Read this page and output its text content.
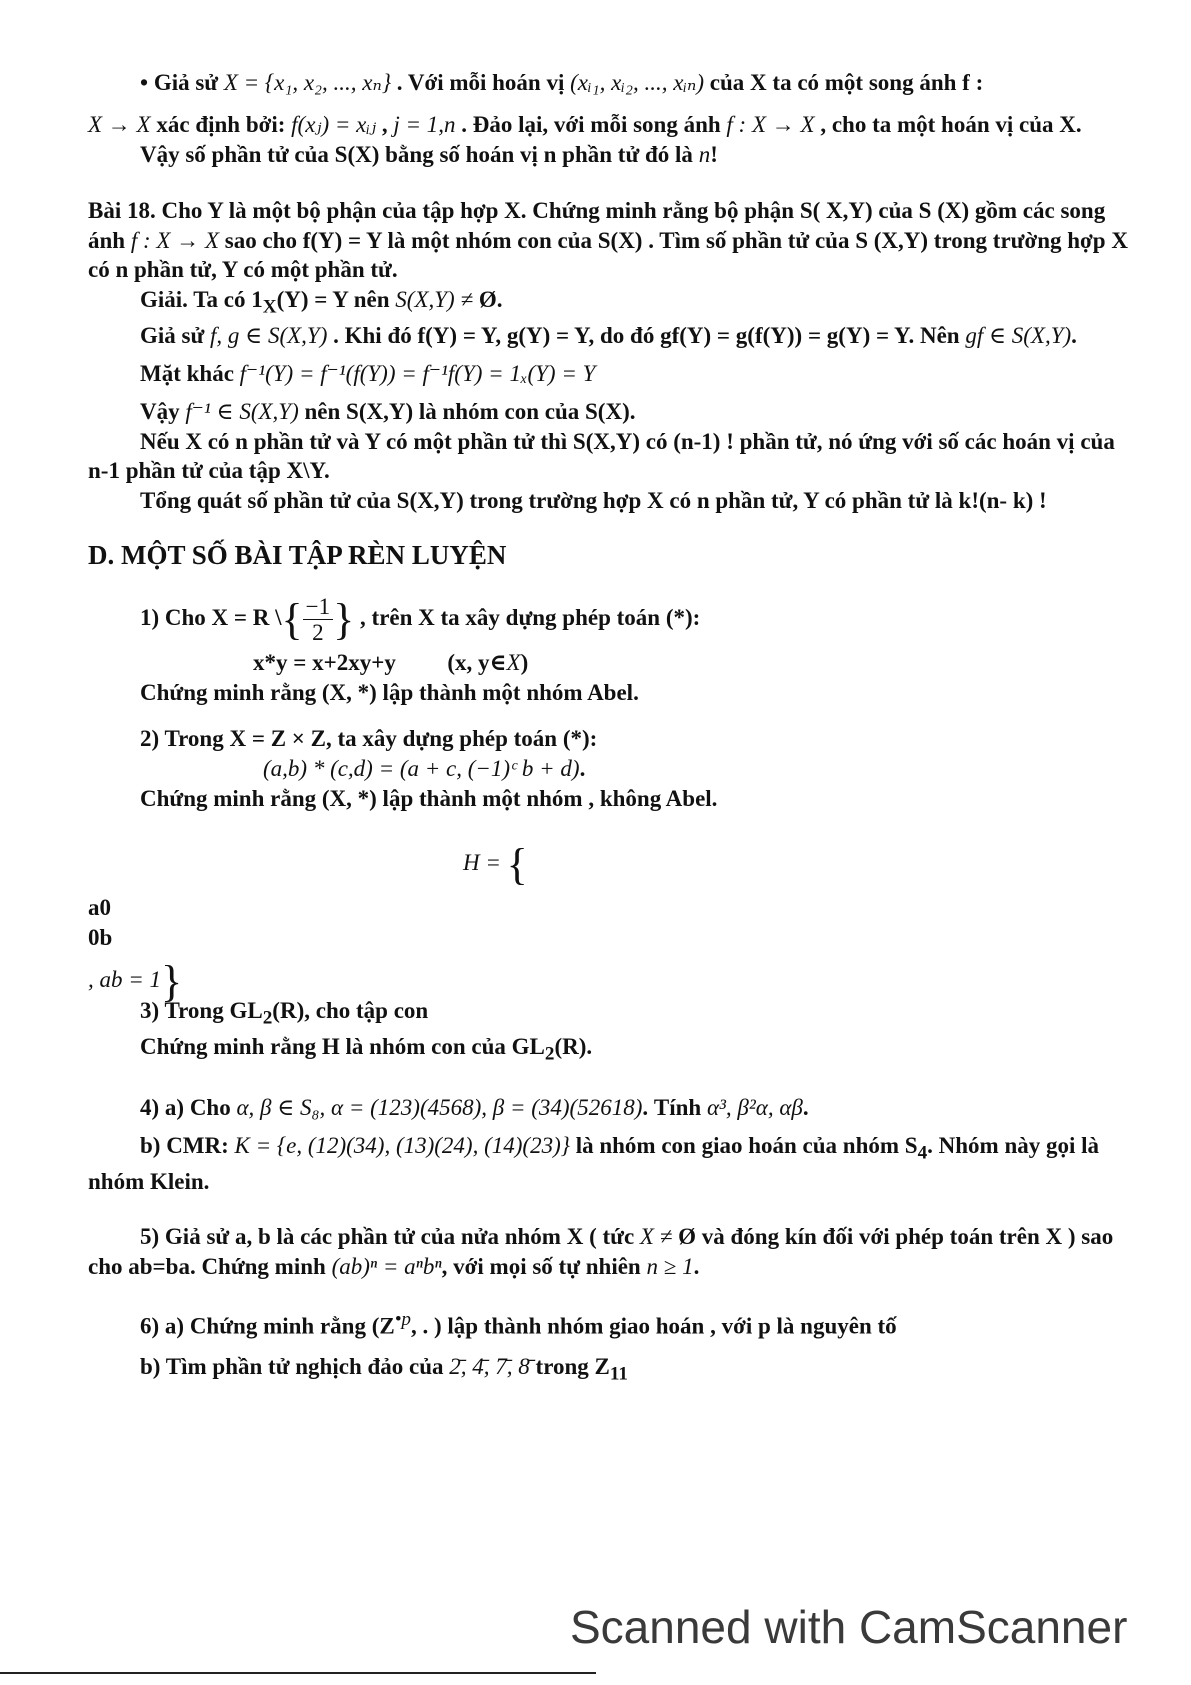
• Giả sử X = {x₁, x₂, ..., xₙ} . Với mỗi hoán vị (xᵢ₁, xᵢ₂, ..., xᵢₙ) của X ta có một song ánh f :

X → X xác định bởi: f(xⱼ) = xᵢⱼ , j = 1,n . Đảo lại, với mỗi song ánh f : X → X , cho ta một hoán vị của X.

Vậy số phần tử của S(X) bằng số hoán vị n phần tử đó là n!

Bài 18. Cho Y là một bộ phận của tập hợp X. Chứng minh rằng bộ phận S( X,Y) của S (X) gồm các song ánh f : X → X sao cho f(Y) = Y là một nhóm con của S(X) . Tìm số phần tử của S (X,Y) trong trường hợp X có n phần tử, Y có một phần tử.

Giải. Ta có $1_X(Y) = Y$ nên S(X,Y) ≠ Ø.

Giả sử f, g ∈ S(X,Y) . Khi đó f(Y) = Y, g(Y) = Y, do đó gf(Y) = g(f(Y)) = g(Y) = Y. Nên gf ∈ S(X,Y).

Mặt khác f⁻¹(Y) = f⁻¹(f(Y)) = f⁻¹f(Y) = 1ₓ(Y) = Y

Vậy f⁻¹ ∈ S(X,Y) nên S(X,Y) là nhóm con của S(X).

Nếu X có n phần tử và Y có một phần tử thì S(X,Y) có (n-1) ! phần tử, nó ứng với số các hoán vị của n-1 phần tử của tập X\Y.

Tổng quát số phần tử của S(X,Y) trong trường hợp X có n phần tử, Y có phần tử là k!(n- k) !

D. MỘT SỐ BÀI TẬP RÈN LUYỆN

1) Cho X = R \{ $\frac{-1}{2}$ } , trên X ta xây dựng phép toán (*):

x*y = x+2xy+y (x, y∈X)

Chứng minh rằng (X, *) lập thành một nhóm Abel.

2) Trong X = Z × Z, ta xây dựng phép toán (*):

(a,b) * (c,d) = (a + c, (−1)ᶜ b + d).

Chứng minh rằng (X, *) lập thành một nhóm , không Abel.

H = {

a0
0b
, ab = 1}

3) Trong $GL_2(R)$, cho tập con

Chứng minh rằng H là nhóm con của $GL_2(R)$.

4) a) Cho α, β ∈ S₈, α = (123)(4568), β = (34)(52618). Tính α³, β²α, αβ.

b) CMR: K = {e, (12)(34), (13)(24), (14)(23)} là nhóm con giao hoán của nhóm $S_4$. Nhóm này gọi là nhóm Klein.

5) Giả sử a, b là các phần tử của nửa nhóm X ( tức X ≠ Ø và đóng kín đối với phép toán trên X ) sao cho ab=ba. Chứng minh (ab)ⁿ = aⁿbⁿ, với mọi số tự nhiên n ≥ 1.

6) a) Chứng minh rằng ($Z^{•p}$, . ) lập thành nhóm giao hoán , với p là nguyên tố

b) Tìm phần tử nghịch đảo của 2̄, 4̄, 7̄, 8̄ trong $Z_{11}$

Scanned with CamScanner
